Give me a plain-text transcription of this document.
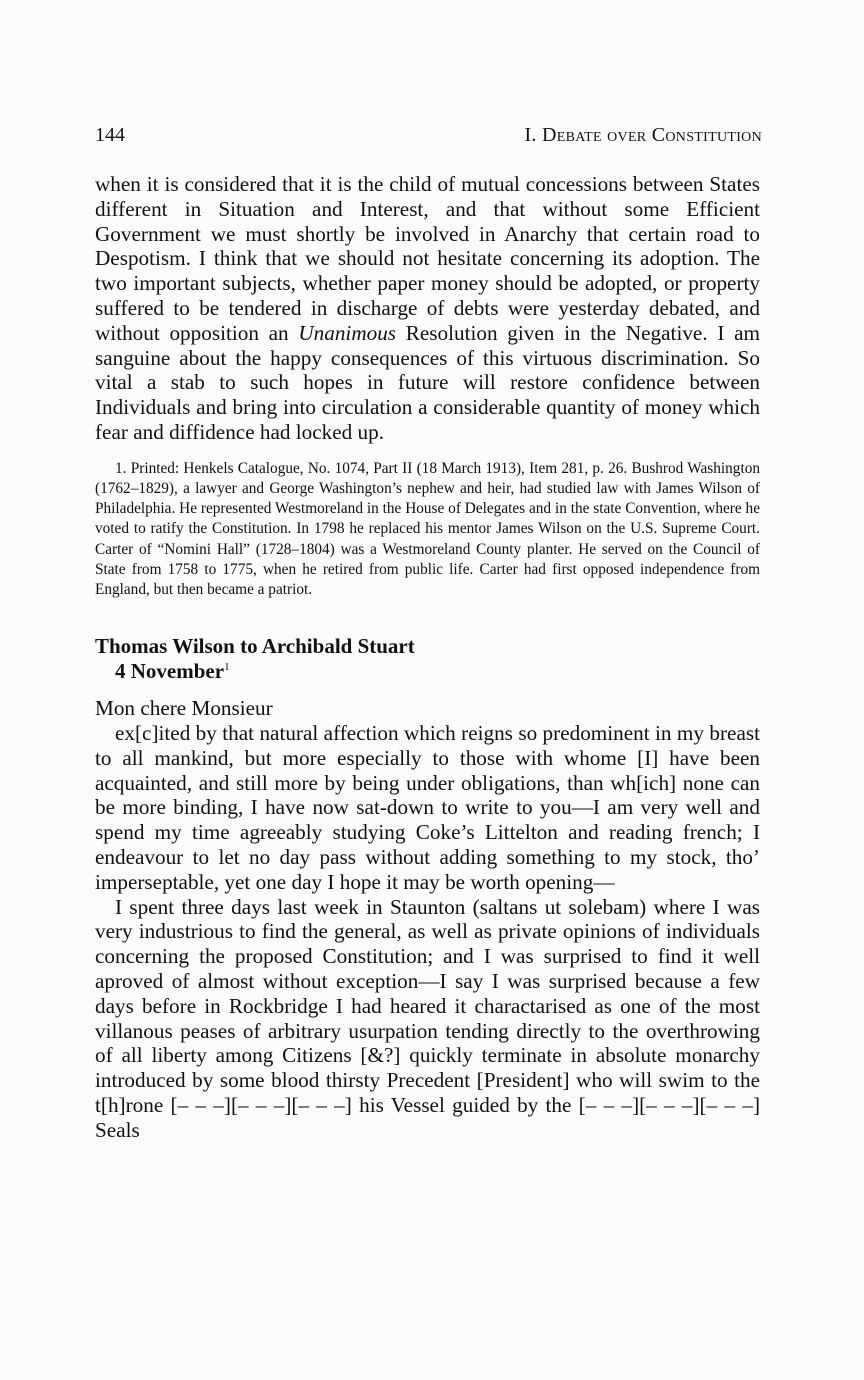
144	I. Debate over Constitution

when it is considered that it is the child of mutual concessions between States different in Situation and Interest, and that without some Efficient Government we must shortly be involved in Anarchy that certain road to Despotism. I think that we should not hesitate concerning its adoption. The two important subjects, whether paper money should be adopted, or property suffered to be tendered in discharge of debts were yesterday debated, and without opposition an Unanimous Resolution given in the Negative. I am sanguine about the happy consequences of this virtuous discrimination. So vital a stab to such hopes in future will restore confidence between Individuals and bring into circulation a considerable quantity of money which fear and diffidence had locked up.

1. Printed: Henkels Catalogue, No. 1074, Part II (18 March 1913), Item 281, p. 26. Bushrod Washington (1762–1829), a lawyer and George Washington’s nephew and heir, had studied law with James Wilson of Philadelphia. He represented Westmoreland in the House of Delegates and in the state Convention, where he voted to ratify the Constitution. In 1798 he replaced his mentor James Wilson on the U.S. Supreme Court. Carter of “Nomini Hall” (1728–1804) was a Westmoreland County planter. He served on the Council of State from 1758 to 1775, when he retired from public life. Carter had first opposed independence from England, but then became a patriot.

Thomas Wilson to Archibald Stuart
4 November$^1$

Mon chere Monsieur

ex[c]ited by that natural affection which reigns so predominent in my breast to all mankind, but more especially to those with whome [I] have been acquainted, and still more by being under obligations, than wh[ich] none can be more binding, I have now sat-down to write to you—I am very well and spend my time agreeably studying Coke’s Littelton and reading french; I endeavour to let no day pass without adding something to my stock, tho’ imperseptable, yet one day I hope it may be worth opening—

I spent three days last week in Staunton (saltans ut solebam) where I was very industrious to find the general, as well as private opinions of individuals concerning the proposed Constitution; and I was surprised to find it well aproved of almost without exception—I say I was surprised because a few days before in Rockbridge I had heared it charactarised as one of the most villanous peases of arbitrary usurpation tending directly to the overthrowing of all liberty among Citizens [&?] quickly terminate in absolute monarchy introduced by some blood thirsty Precedent [President] who will swim to the t[h]rone [– – –][– – –][– – –] his Vessel guided by the [– – –][– – –][– – –] Seals
